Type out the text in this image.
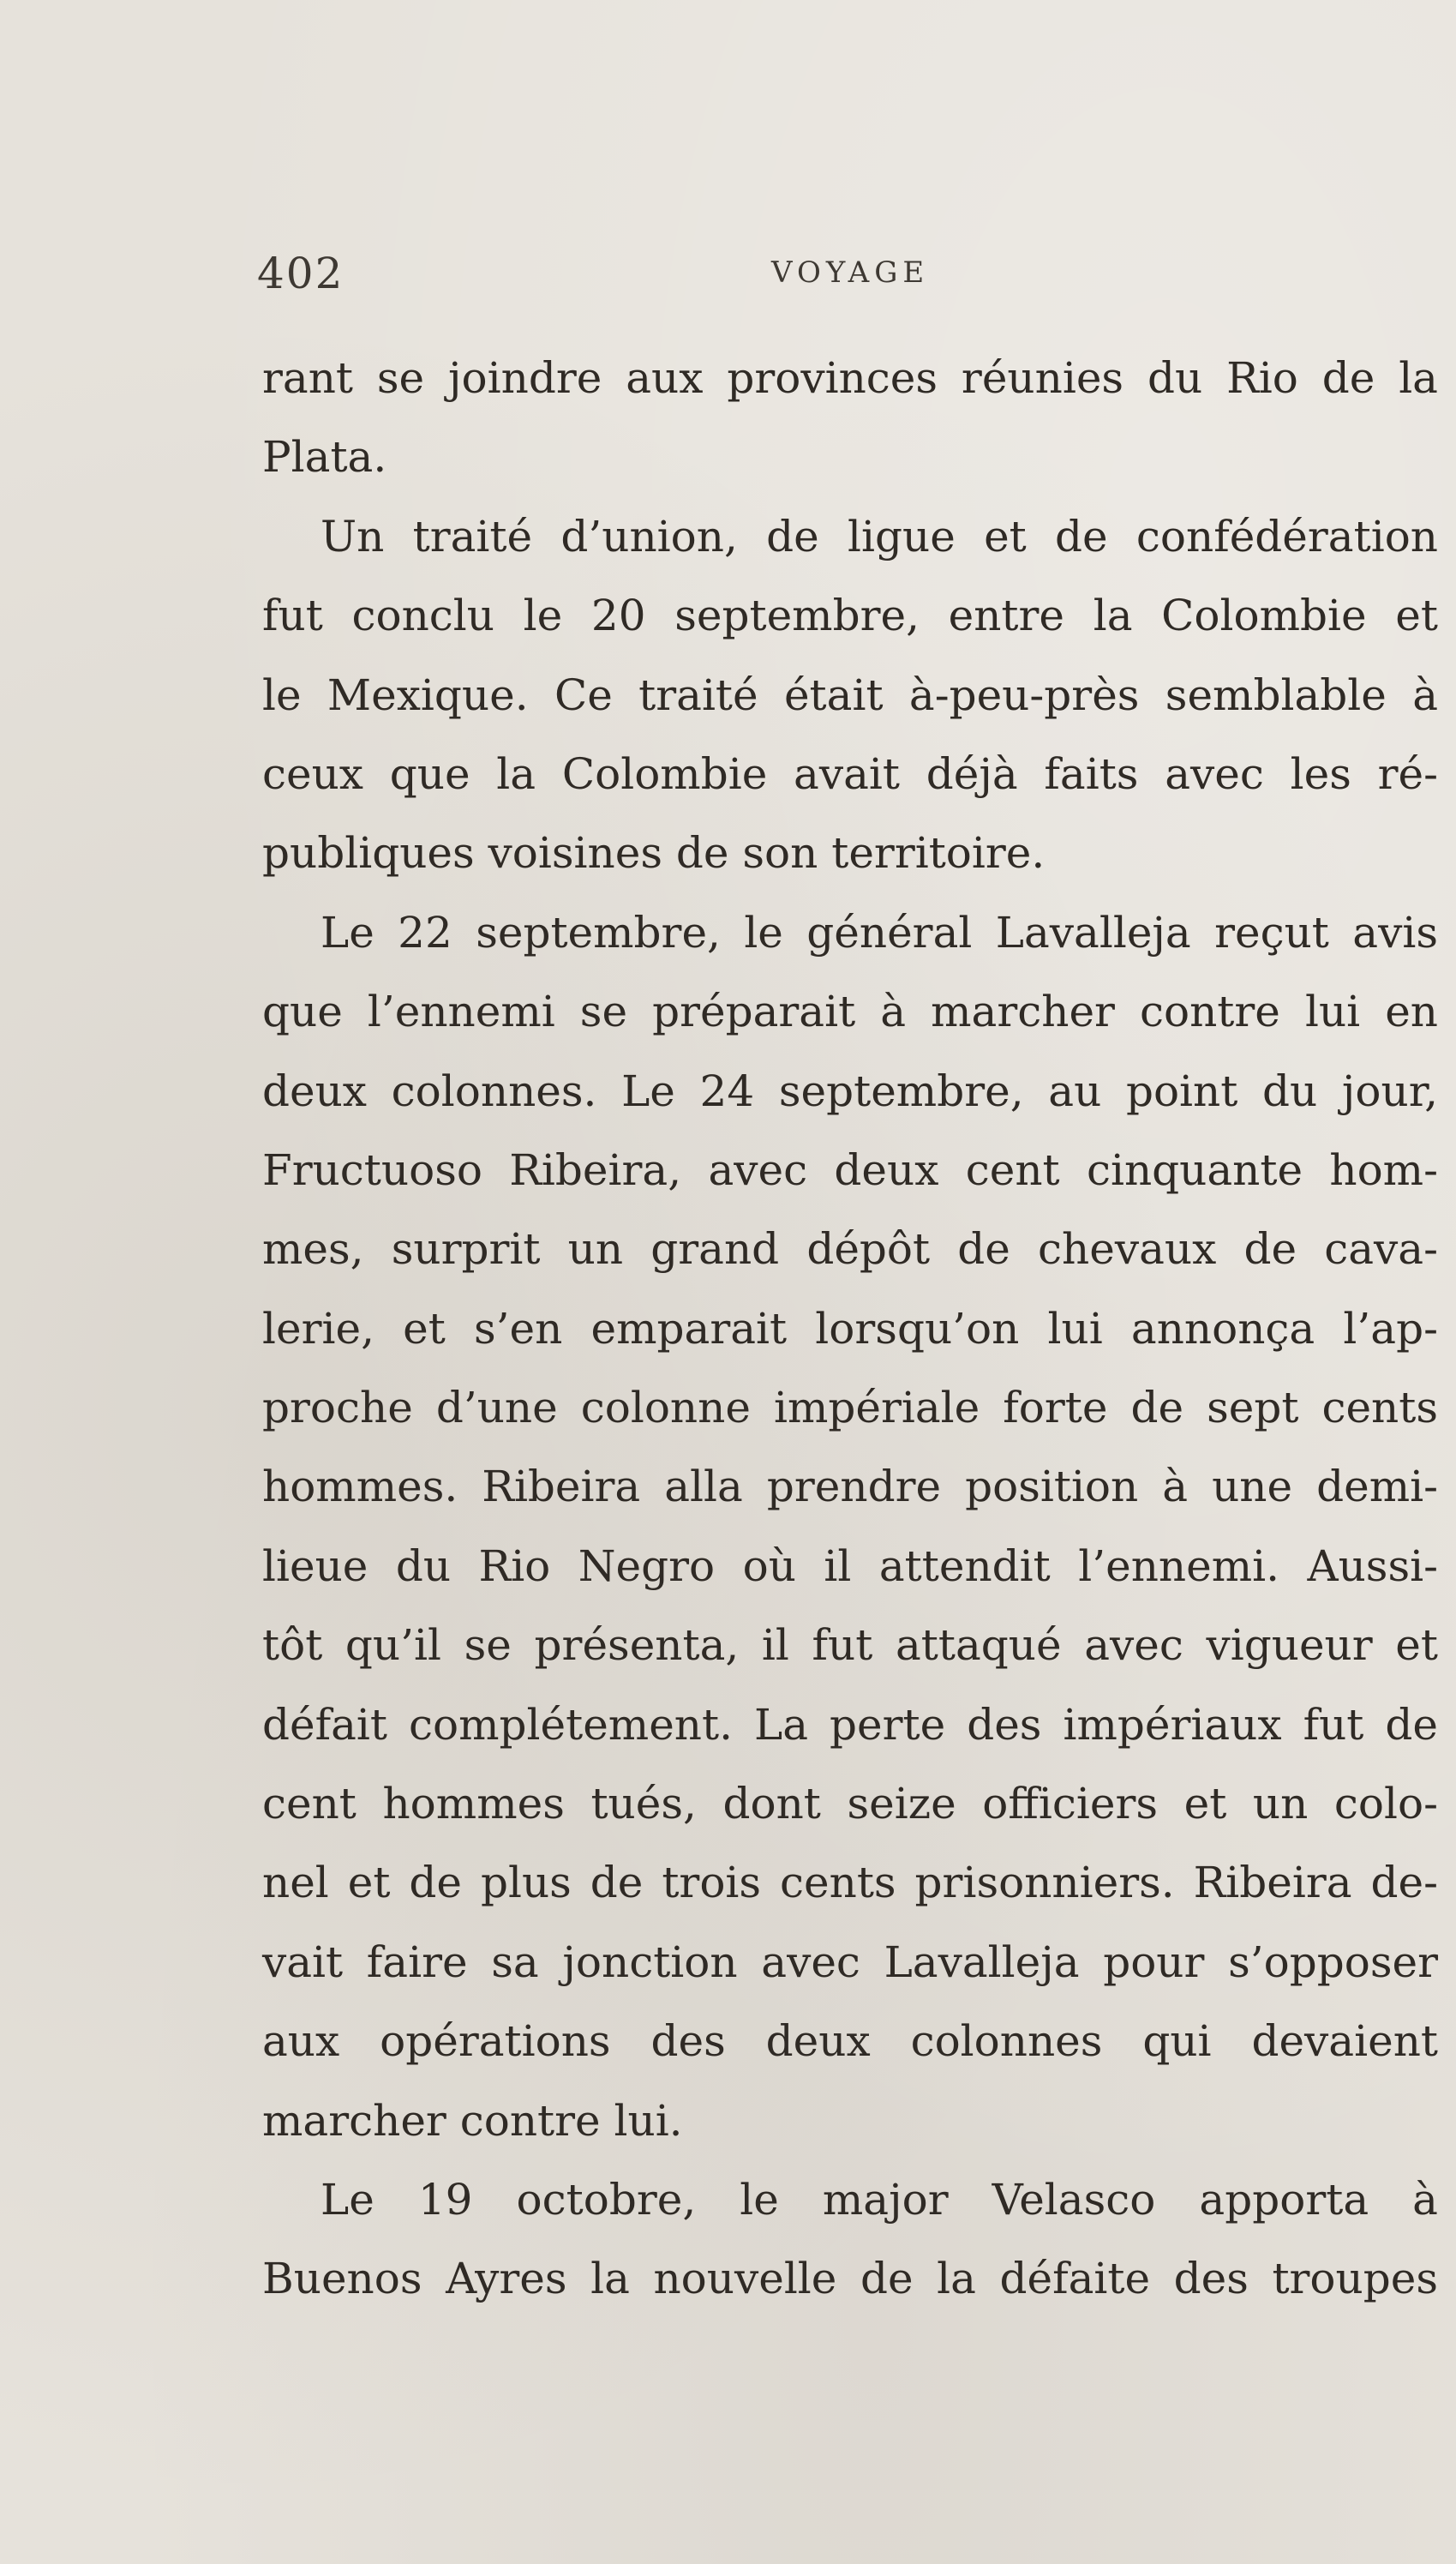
402	VOYAGE
rant se joindre aux provinces réunies du Rio de la
Plata.
Un traité d’union, de ligue et de confédération
fut conclu le 20 septembre, entre la Colombie et
le Mexique. Ce traité était à-peu-près semblable à
ceux que la Colombie avait déjà faits avec les ré-
publiques voisines de son territoire.
Le 22 septembre, le général Lavalleja reçut avis
que l’ennemi se préparait à marcher contre lui en
deux colonnes. Le 24 septembre, au point du jour,
Fructuoso Ribeira, avec deux cent cinquante hom-
mes, surprit un grand dépôt de chevaux de cava-
lerie, et s’en emparait lorsqu’on lui annonça l’ap-
proche d’une colonne impériale forte de sept cents
hommes. Ribeira alla prendre position à une demi-
lieue du Rio Negro où il attendit l’ennemi. Aussi-
tôt qu’il se présenta, il fut attaqué avec vigueur et
défait complétement. La perte des impériaux fut de
cent hommes tués, dont seize officiers et un colo-
nel et de plus de trois cents prisonniers. Ribeira de-
vait faire sa jonction avec Lavalleja pour s’opposer
aux opérations des deux colonnes qui devaient
marcher contre lui.
Le 19 octobre, le major Velasco apporta à
Buenos Ayres la nouvelle de la défaite des troupes
